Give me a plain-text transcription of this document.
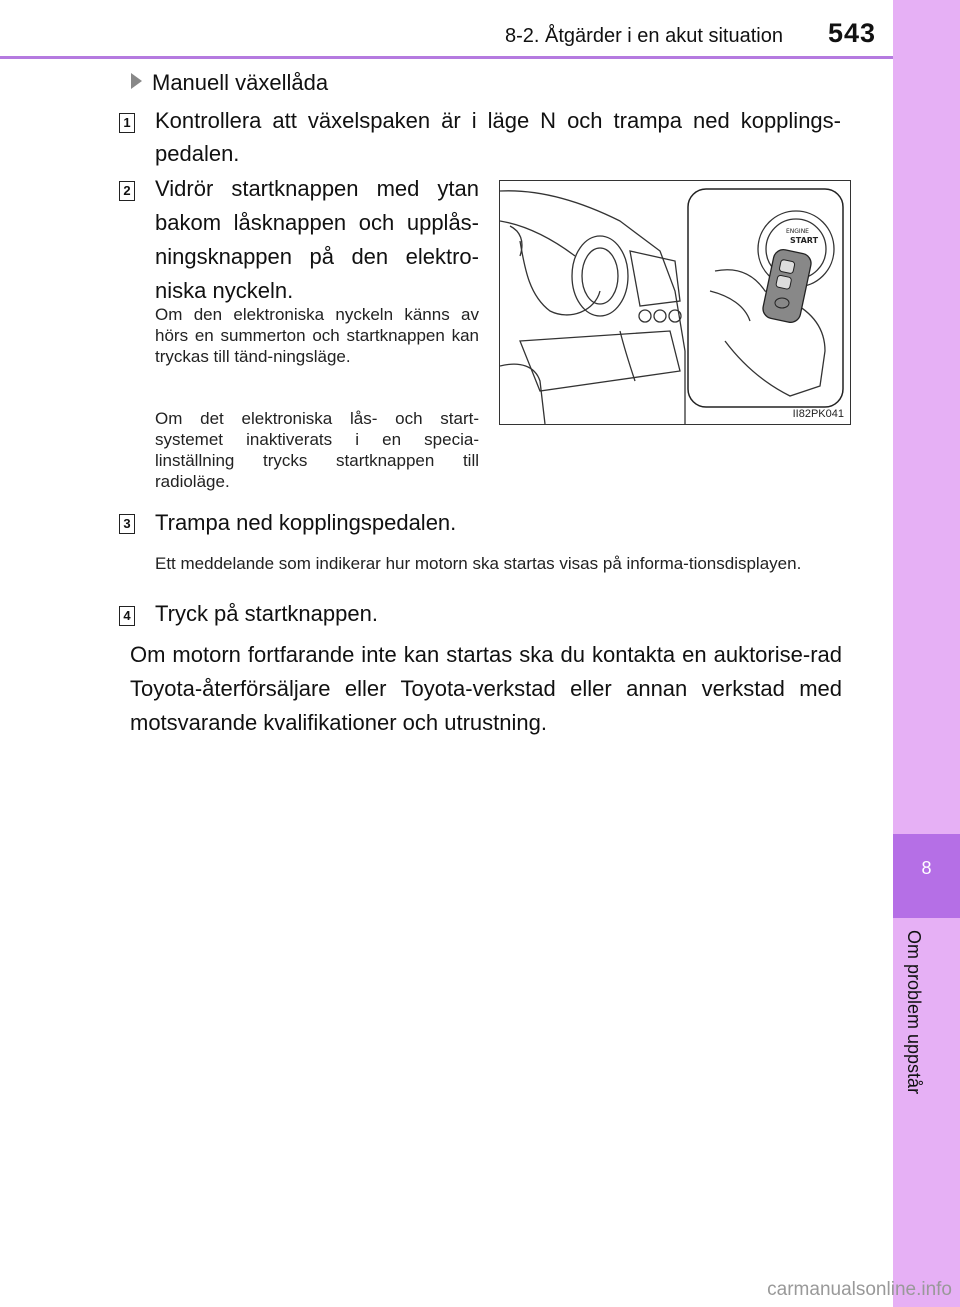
8-2. Åtgärder i en akut situation 543
8
Om problem uppstår
Manuell växellåda
1 Kontrollera att växelspaken är i läge N och trampa ned kopplings-pedalen.
2 Vidrör startknappen med ytan bakom låsknappen och upplås-ningsknappen på den elektro-niska nyckeln.
Om den elektroniska nyckeln känns av hörs en summerton och startknappen kan tryckas till tänd-ningsläge.
Om det elektroniska lås- och start-systemet inaktiverats i en specia-linställning trycks startknappen till radioläge.
ENGINE
START
II82PK041
3 Trampa ned kopplingspedalen.
Ett meddelande som indikerar hur motorn ska startas visas på informa-tionsdisplayen.
4 Tryck på startknappen.
Om motorn fortfarande inte kan startas ska du kontakta en auktorise-rad Toyota-återförsäljare eller Toyota-verkstad eller annan verkstad med motsvarande kvalifikationer och utrustning.
carmanualsonline.info
